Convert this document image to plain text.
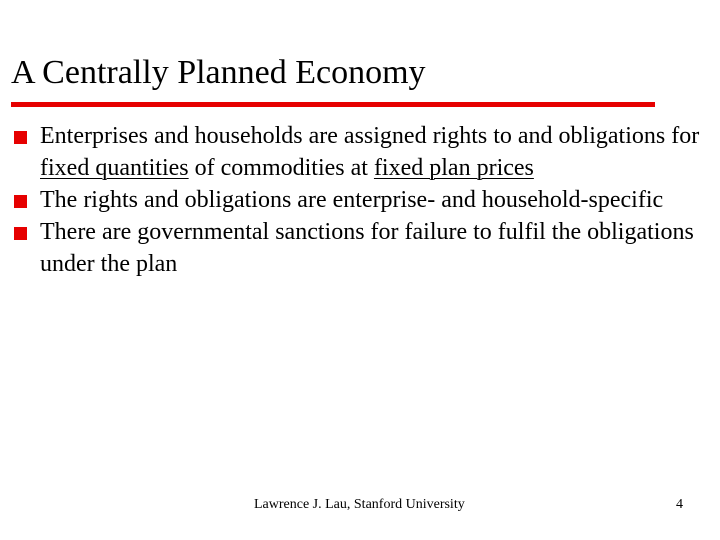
A Centrally Planned Economy
Enterprises and households are assigned rights to and obligations for fixed quantities of commodities at fixed plan prices
The rights and obligations are enterprise- and household-specific
There are governmental sanctions for failure to fulfil the obligations under the plan
Lawrence J. Lau, Stanford University	4
